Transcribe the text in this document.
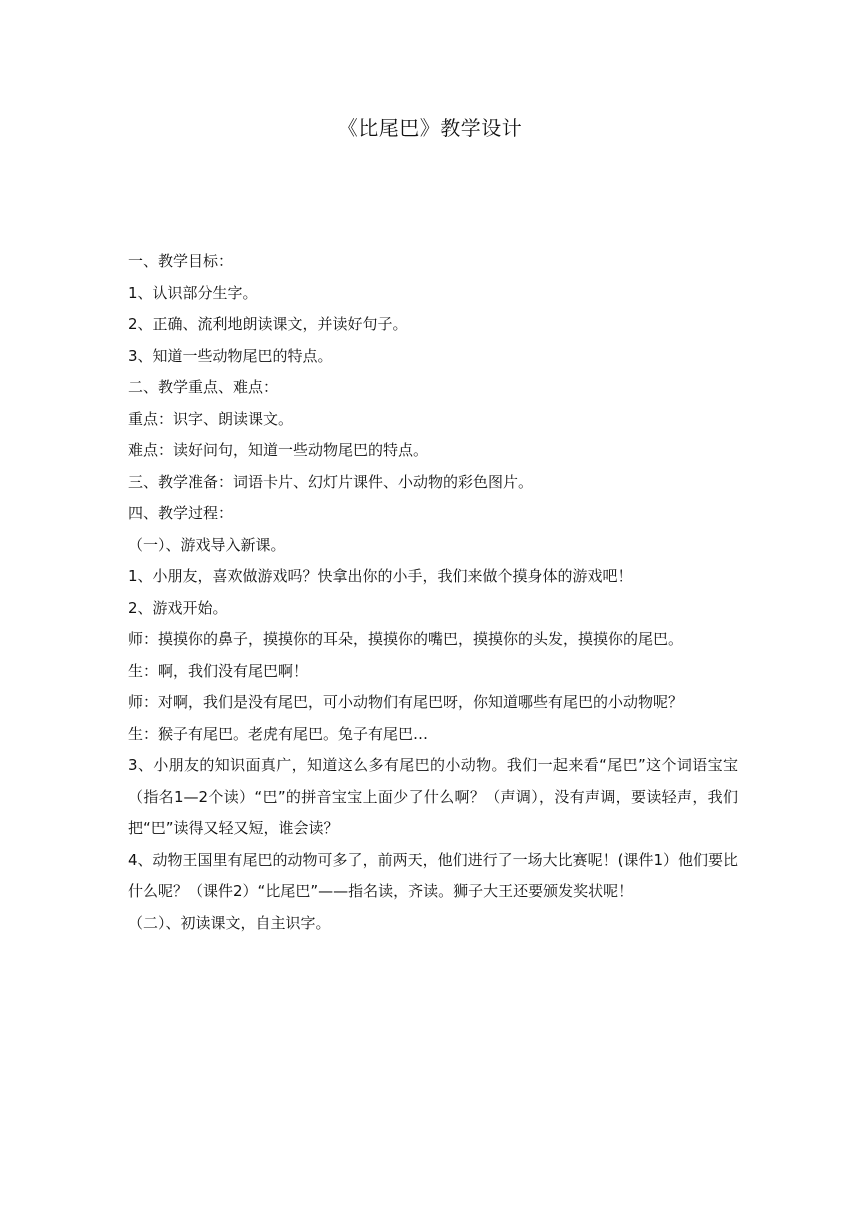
《比尾巴》教学设计

一、教学目标：

1、认识部分生字。

2、正确、流利地朗读课文，并读好句子。

3、知道一些动物尾巴的特点。

二、教学重点、难点：

重点：识字、朗读课文。

难点：读好问句，知道一些动物尾巴的特点。

三、教学准备：词语卡片、幻灯片课件、小动物的彩色图片。

四、教学过程：

（一）、游戏导入新课。

1、小朋友，喜欢做游戏吗？快拿出你的小手，我们来做个摸身体的游戏吧！

2、游戏开始。

师：摸摸你的鼻子，摸摸你的耳朵，摸摸你的嘴巴，摸摸你的头发，摸摸你的尾巴。

生：啊，我们没有尾巴啊！

师：对啊，我们是没有尾巴，可小动物们有尾巴呀，你知道哪些有尾巴的小动物呢？

生：猴子有尾巴。老虎有尾巴。兔子有尾巴…

3、小朋友的知识面真广，知道这么多有尾巴的小动物。我们一起来看“尾巴”这个词语宝宝（指名1—2个读）“巴”的拼音宝宝上面少了什么啊？（声调），没有声调，要读轻声，我们把“巴”读得又轻又短，谁会读？

4、动物王国里有尾巴的动物可多了，前两天，他们进行了一场大比赛呢！(课件1）他们要比什么呢？（课件2）“比尾巴”——指名读，齐读。狮子大王还要颁发奖状呢！

（二）、初读课文，自主识字。
